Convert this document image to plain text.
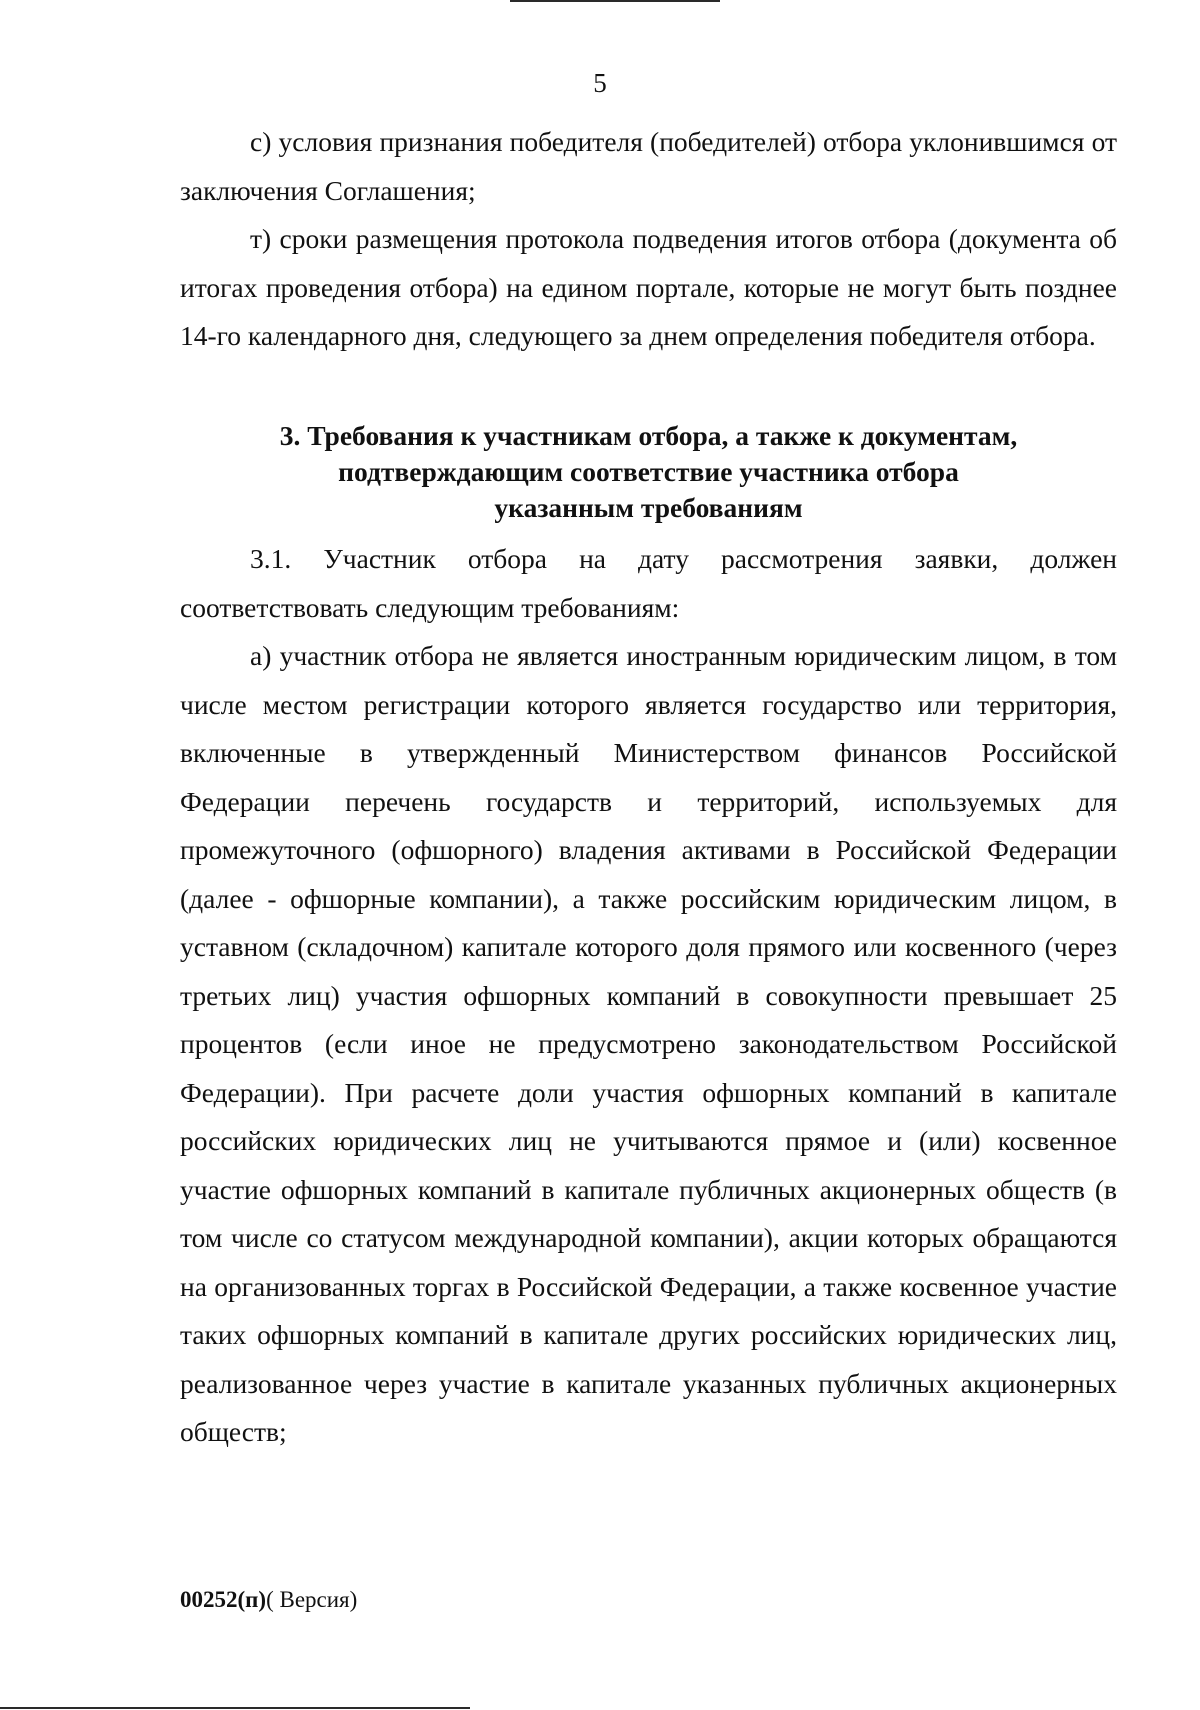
5

с) условия признания победителя (победителей) отбора уклонившимся от заключения Соглашения;

т) сроки размещения протокола подведения итогов отбора (документа об итогах проведения отбора) на едином портале, которые не могут быть позднее 14-го календарного дня, следующего за днем определения победителя отбора.

3. Требования к участникам отбора, а также к документам,
подтверждающим соответствие участника отбора
указанным требованиям

3.1. Участник отбора на дату рассмотрения заявки, должен соответствовать следующим требованиям:

а) участник отбора не является иностранным юридическим лицом, в том числе местом регистрации которого является государство или территория, включенные в утвержденный Министерством финансов Российской Федерации перечень государств и территорий, используемых для промежуточного (офшорного) владения активами в Российской Федерации (далее - офшорные компании), а также российским юридическим лицом, в уставном (складочном) капитале которого доля прямого или косвенного (через третьих лиц) участия офшорных компаний в совокупности превышает 25 процентов (если иное не предусмотрено законодательством Российской Федерации). При расчете доли участия офшорных компаний в капитале российских юридических лиц не учитываются прямое и (или) косвенное участие офшорных компаний в капитале публичных акционерных обществ (в том числе со статусом международной компании), акции которых обращаются на организованных торгах в Российской Федерации, а также косвенное участие таких офшорных компаний в капитале других российских юридических лиц, реализованное через участие в капитале указанных публичных акционерных обществ;

00252(п)( Версия)
